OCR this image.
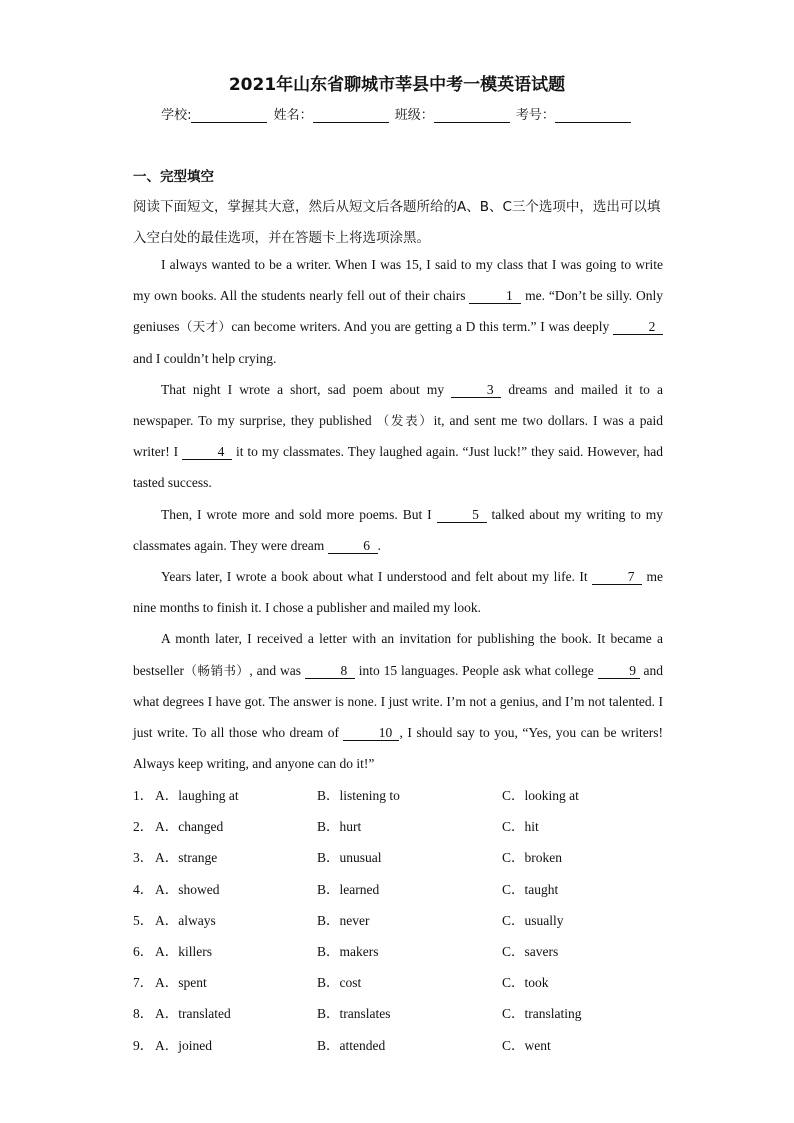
2021年山东省聊城市莘县中考一模英语试题
学校:	姓名：	班级：	考号：
一、完型填空
阅读下面短文，掌握其大意，然后从短文后各题所给的A、B、C三个选项中，选出可以填入空白处的最佳选项，并在答题卡上将选项涂黑。

I always wanted to be a writer. When I was 15, I said to my class that I was going to write my own books. All the students nearly fell out of their chairs	1 me. “Don’t be silly. Only geniuses（天才）can become writers. And you are getting a D this term.” I was deeply	2 and I couldn’t help crying.

That night I wrote a short, sad poem about my	3 dreams and mailed it to a newspaper. To my surprise, they published （发表）it, and sent me two dollars. I was a paid writer! I	4 it to my classmates. They laughed again. “Just luck!” they said. However, had tasted success.

Then, I wrote more and sold more poems. But I	5 talked about my writing to my classmates again. They were dream	6 .

Years later, I wrote a book about what I understood and felt about my life. It	7 me nine months to finish it. I chose a publisher and mailed my look.

A month later, I received a letter with an invitation for publishing the book. It became a bestseller（畅销书）, and was	8 into 15 languages. People ask what college 9 and what degrees I have got. The answer is none. I just write. I’m not a genius, and I’m not talented. I just write. To all those who dream of	10 , I should say to you, “Yes, you can be writers! Always keep writing, and anyone can do it!”

1． A．laughing at	B．listening to	C．looking at
2． A．changed	B．hurt	C．hit
3． A．strange	B．unusual	C．broken
4． A．showed	B．learned	C．taught
5． A．always	B．never	C．usually
6． A．killers	B．makers	C．savers
7． A．spent	B．cost	C．took
8． A．translated	B．translates	C．translating
9． A．joined	B．attended	C．went
